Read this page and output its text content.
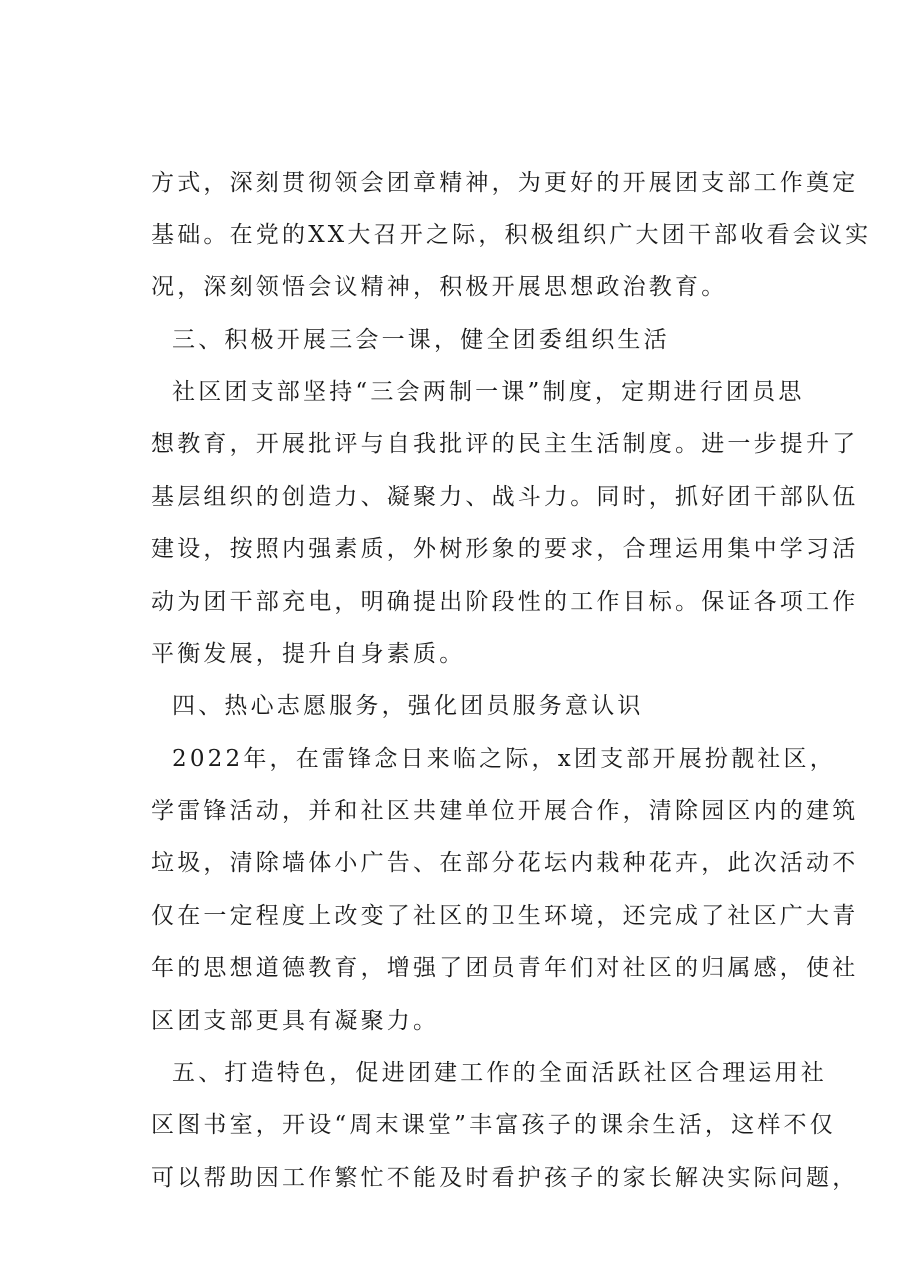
方式，深刻贯彻领会团章精神，为更好的开展团支部工作奠定
基础。在党的XX大召开之际，积极组织广大团干部收看会议实
况，深刻领悟会议精神，积极开展思想政治教育。
三、积极开展三会一课，健全团委组织生活
社区团支部坚持“三会两制一课”制度，定期进行团员思
想教育，开展批评与自我批评的民主生活制度。进一步提升了
基层组织的创造力、凝聚力、战斗力。同时，抓好团干部队伍
建设，按照内强素质，外树形象的要求，合理运用集中学习活
动为团干部充电，明确提出阶段性的工作目标。保证各项工作
平衡发展，提升自身素质。
四、热心志愿服务，强化团员服务意认识
2022年，在雷锋念日来临之际，x团支部开展扮靓社区，
学雷锋活动，并和社区共建单位开展合作，清除园区内的建筑
垃圾，清除墙体小广告、在部分花坛内栽种花卉，此次活动不
仅在一定程度上改变了社区的卫生环境，还完成了社区广大青
年的思想道德教育，增强了团员青年们对社区的归属感，使社
区团支部更具有凝聚力。
五、打造特色，促进团建工作的全面活跃社区合理运用社
区图书室，开设“周末课堂”丰富孩子的课余生活，这样不仅
可以帮助因工作繁忙不能及时看护孩子的家长解决实际问题，
